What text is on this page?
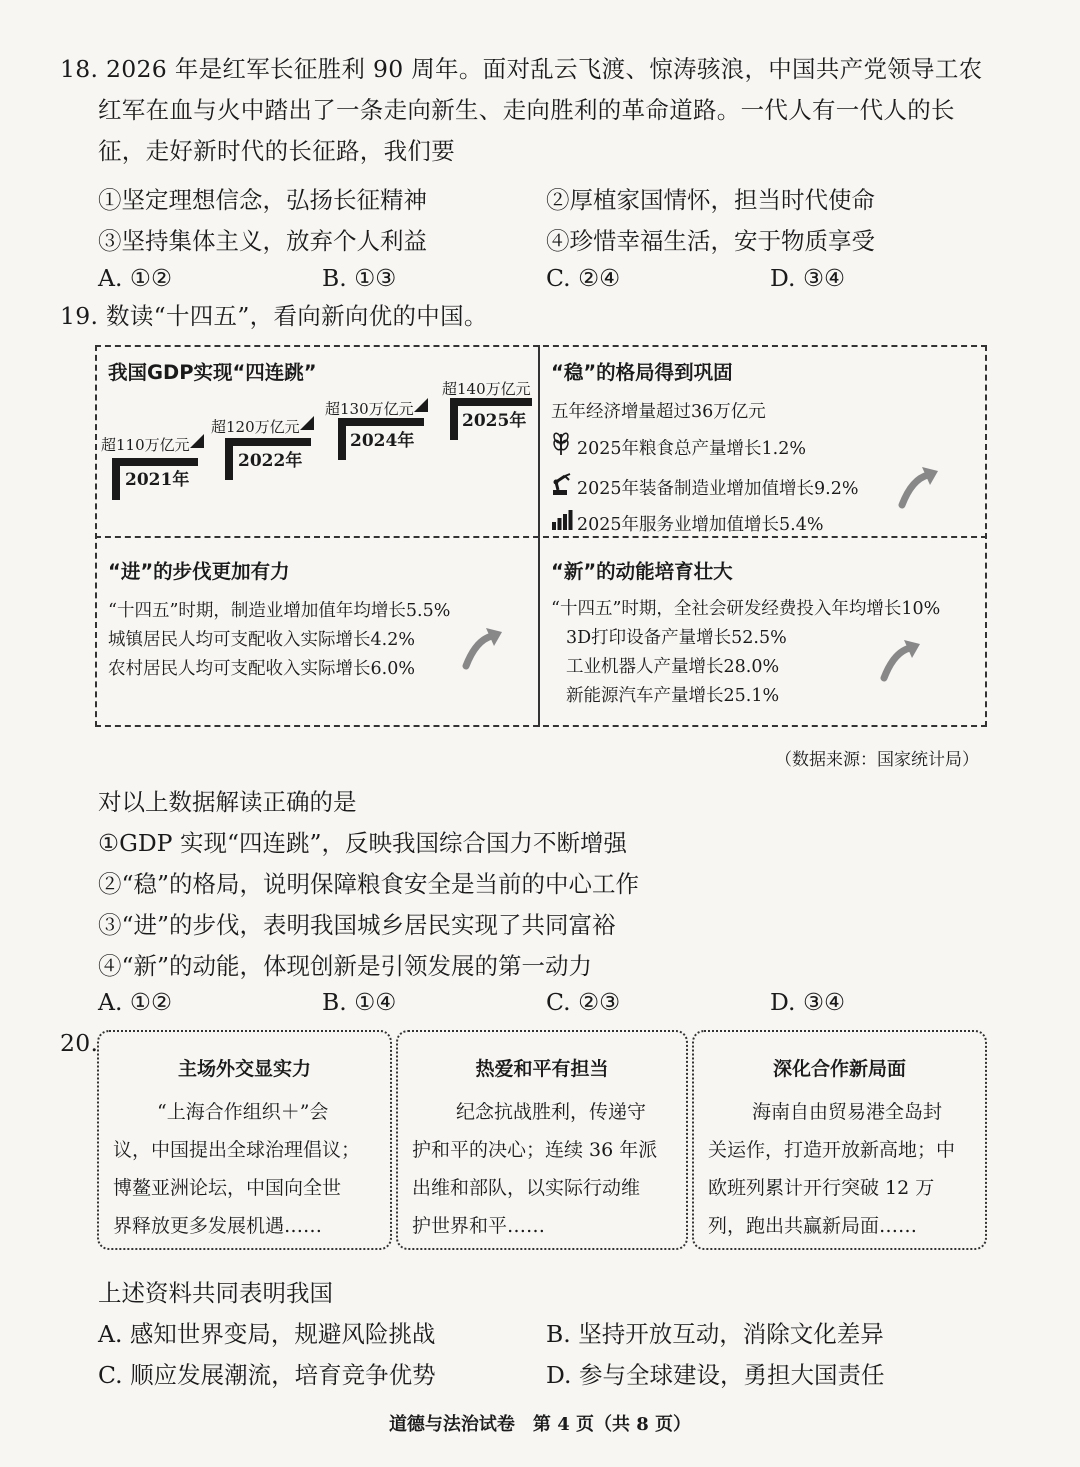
18. 2026 年是红军长征胜利 90 周年。面对乱云飞渡、惊涛骇浪，中国共产党领导工农
红军在血与火中踏出了一条走向新生、走向胜利的革命道路。一代人有一代人的长
征，走好新时代的长征路，我们要
①坚定理想信念，弘扬长征精神	②厚植家国情怀，担当时代使命
③坚持集体主义，放弃个人利益	④珍惜幸福生活，安于物质享受
A. ①②	B. ①③	C. ②④	D. ③④
19. 数读“十四五”，看向新向优的中国。
我国GDP实现“四连跳”
超110万亿元
2021年
超120万亿元
2022年
超130万亿元
2024年
超140万亿元
2025年
“稳”的格局得到巩固
五年经济增量超过36万亿元
2025年粮食总产量增长1.2%
2025年装备制造业增加值增长9.2%
2025年服务业增加值增长5.4%
“进”的步伐更加有力
“十四五”时期，制造业增加值年均增长5.5%
城镇居民人均可支配收入实际增长4.2%
农村居民人均可支配收入实际增长6.0%
“新”的动能培育壮大
“十四五”时期，全社会研发经费投入年均增长10%
3D打印设备产量增长52.5%
工业机器人产量增长28.0%
新能源汽车产量增长25.1%
（数据来源：国家统计局）
对以上数据解读正确的是
①GDP 实现“四连跳”，反映我国综合国力不断增强
②“稳”的格局，说明保障粮食安全是当前的中心工作
③“进”的步伐，表明我国城乡居民实现了共同富裕
④“新”的动能，体现创新是引领发展的第一动力
A. ①②	B. ①④	C. ②③	D. ③④
20.
主场外交显实力
“上海合作组织＋”会
议，中国提出全球治理倡议；
博鳌亚洲论坛，中国向全世
界释放更多发展机遇……
热爱和平有担当
纪念抗战胜利，传递守
护和平的决心；连续 36 年派
出维和部队，以实际行动维
护世界和平……
深化合作新局面
海南自由贸易港全岛封
关运作，打造开放新高地；中
欧班列累计开行突破 12 万
列，跑出共赢新局面……
上述资料共同表明我国
A. 感知世界变局，规避风险挑战	B. 坚持开放互动，消除文化差异
C. 顺应发展潮流，培育竞争优势	D. 参与全球建设，勇担大国责任
道德与法治试卷　第 4 页（共 8 页）
